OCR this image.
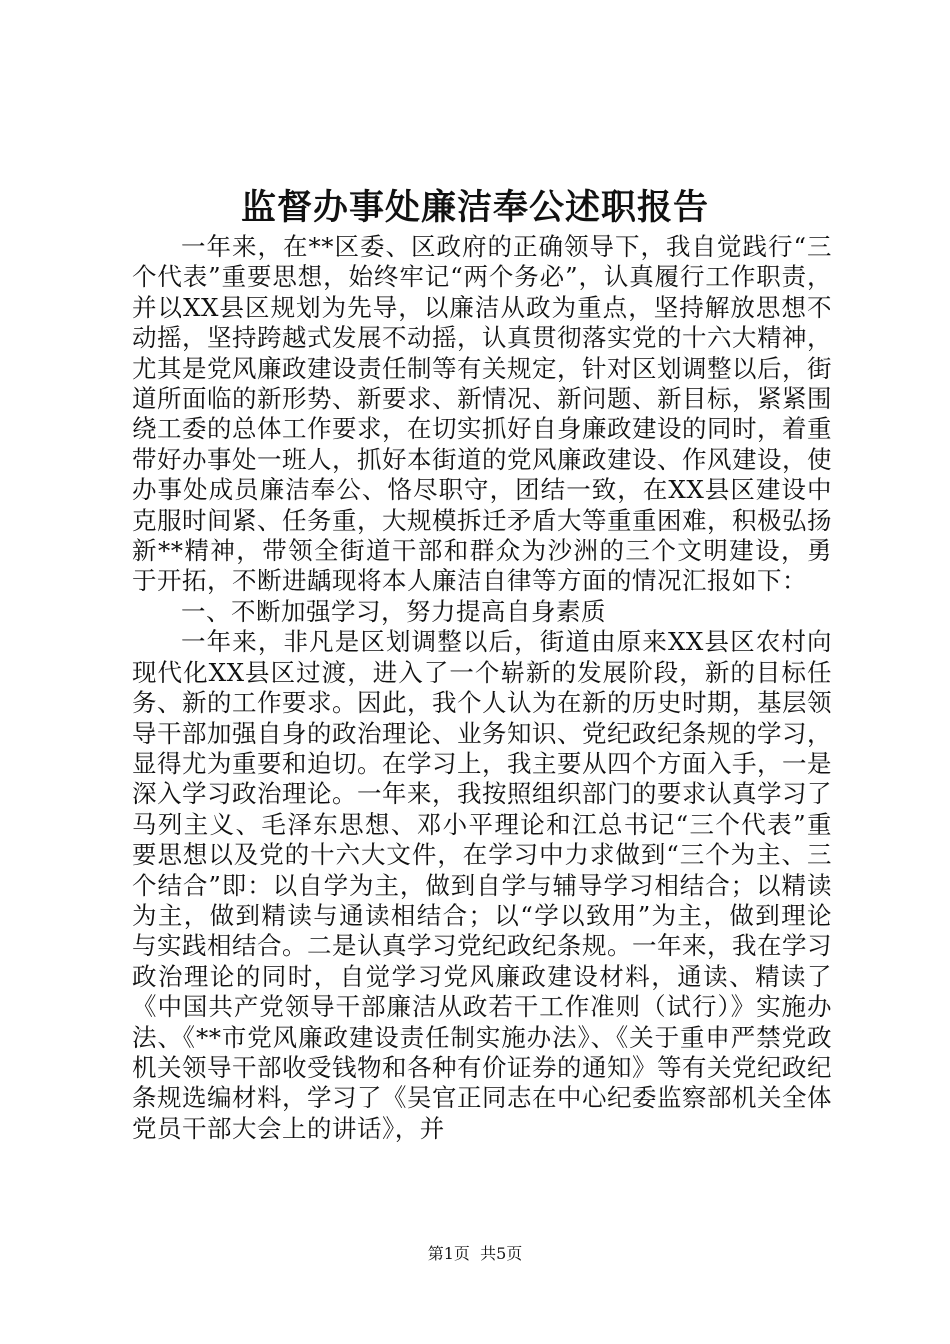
监督办事处廉洁奉公述职报告

一年来，在**区委、区政府的正确领导下，我自觉践行“三个代表”重要思想，始终牢记“两个务必”，认真履行工作职责，并以XX县区规划为先导，以廉洁从政为重点，坚持解放思想不动摇，坚持跨越式发展不动摇，认真贯彻落实党的十六大精神，尤其是党风廉政建设责任制等有关规定，针对区划调整以后，街道所面临的新形势、新要求、新情况、新问题、新目标，紧紧围绕工委的总体工作要求，在切实抓好自身廉政建设的同时，着重带好办事处一班人，抓好本街道的党风廉政建设、作风建设，使办事处成员廉洁奉公、恪尽职守，团结一致，在XX县区建设中克服时间紧、任务重，大规模拆迁矛盾大等重重困难，积极弘扬新**精神，带领全街道干部和群众为沙洲的三个文明建设，勇于开拓，不断进龋现将本人廉洁自律等方面的情况汇报如下：

一、不断加强学习，努力提高自身素质

一年来，非凡是区划调整以后，街道由原来XX县区农村向现代化XX县区过渡，进入了一个崭新的发展阶段，新的目标任务、新的工作要求。因此，我个人认为在新的历史时期，基层领导干部加强自身的政治理论、业务知识、党纪政纪条规的学习，显得尤为重要和迫切。在学习上，我主要从四个方面入手，一是深入学习政治理论。一年来，我按照组织部门的要求认真学习了马列主义、毛泽东思想、邓小平理论和江总书记“三个代表”重要思想以及党的十六大文件，在学习中力求做到“三个为主、三个结合”即：以自学为主，做到自学与辅导学习相结合；以精读为主，做到精读与通读相结合；以“学以致用”为主，做到理论与实践相结合。二是认真学习党纪政纪条规。一年来，我在学习政治理论的同时，自觉学习党风廉政建设材料，通读、精读了《中国共产党领导干部廉洁从政若干工作准则（试行）》实施办法、《**市党风廉政建设责任制实施办法》、《关于重申严禁党政机关领导干部收受钱物和各种有价证券的通知》等有关党纪政纪条规选编材料，学习了《吴官正同志在中心纪委监察部机关全体党员干部大会上的讲话》，并

第1页  共5页
